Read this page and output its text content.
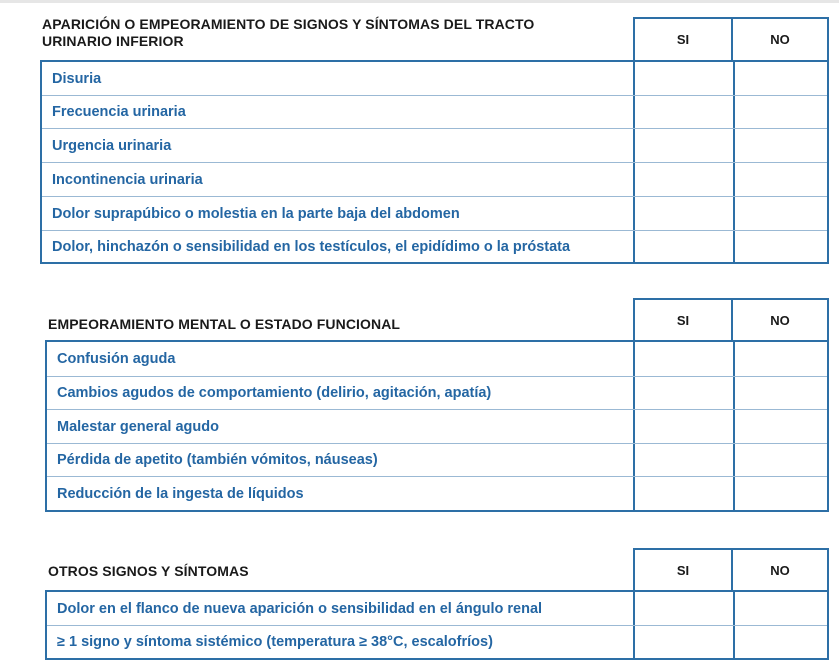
APARICIÓN O EMPEORAMIENTO DE SIGNOS Y SÍNTOMAS DEL TRACTO
URINARIO INFERIOR	SI	NO
Disuria
Frecuencia urinaria
Urgencia urinaria
Incontinencia urinaria
Dolor suprapúbico o molestia en la parte baja del abdomen
Dolor, hinchazón o sensibilidad en los testículos, el epidídimo o la próstata
EMPEORAMIENTO MENTAL O ESTADO FUNCIONAL	SI	NO
Confusión aguda
Cambios agudos de comportamiento (delirio, agitación, apatía)
Malestar general agudo
Pérdida de apetito (también vómitos, náuseas)
Reducción de la ingesta de líquidos
OTROS SIGNOS Y SÍNTOMAS	SI	NO
Dolor en el flanco de nueva aparición o sensibilidad en el ángulo renal
≥ 1 signo y síntoma sistémico (temperatura ≥ 38°C, escalofríos)
